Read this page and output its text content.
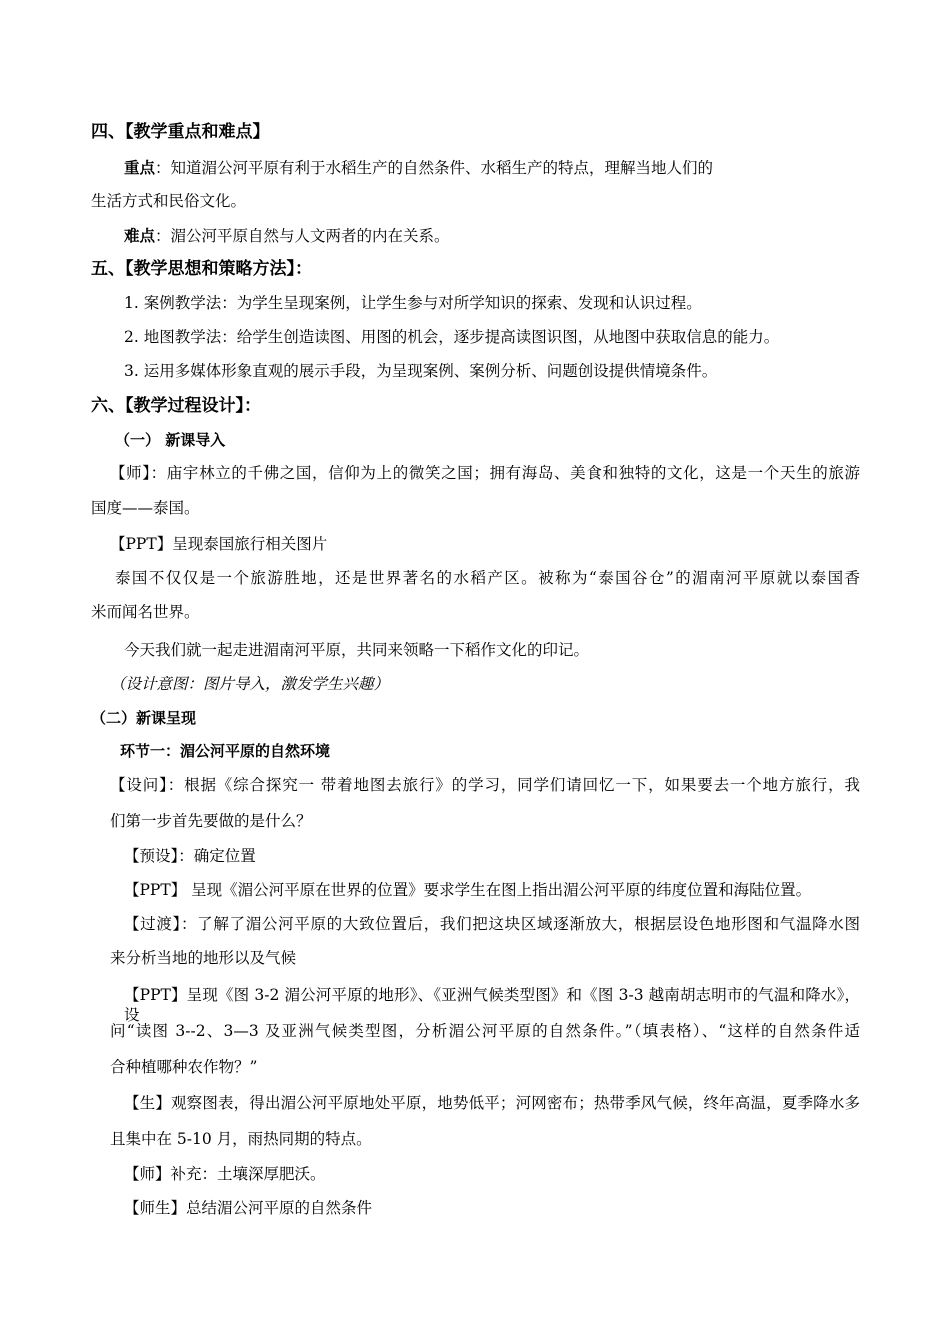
四、【教学重点和难点】
重点：知道湄公河平原有利于水稻生产的自然条件、水稻生产的特点，理解当地人们的
生活方式和民俗文化。
难点：湄公河平原自然与人文两者的内在关系。
五、【教学思想和策略方法】：
1. 案例教学法：为学生呈现案例，让学生参与对所学知识的探索、发现和认识过程。
2. 地图教学法：给学生创造读图、用图的机会，逐步提高读图识图，从地图中获取信息的能力。
3. 运用多媒体形象直观的展示手段，为呈现案例、案例分析、问题创设提供情境条件。
六、【教学过程设计】：
（一） 新课导入
【师】：庙宇林立的千佛之国，信仰为上的微笑之国；拥有海岛、美食和独特的文化，这是一个天生的旅游
国度——泰国。
【PPT】呈现泰国旅行相关图片
泰国不仅仅是一个旅游胜地，还是世界著名的水稻产区。被称为“泰国谷仓”的湄南河平原就以泰国香
米而闻名世界。
今天我们就一起走进湄南河平原，共同来领略一下稻作文化的印记。
（设计意图：图片导入，激发学生兴趣）
（二）新课呈现
环节一：湄公河平原的自然环境
【设问】：根据《综合探究一 带着地图去旅行》的学习，同学们请回忆一下，如果要去一个地方旅行，我
们第一步首先要做的是什么？
【预设】：确定位置
【PPT】 呈现《湄公河平原在世界的位置》要求学生在图上指出湄公河平原的纬度位置和海陆位置。
【过渡】：了解了湄公河平原的大致位置后，我们把这块区域逐渐放大，根据层设色地形图和气温降水图
来分析当地的地形以及气候
【PPT】呈现《图 3-2 湄公河平原的地形》、《亚洲气候类型图》和《图 3-3 越南胡志明市的气温和降水》，设
问“读图 3--2、3—3 及亚洲气候类型图，分析湄公河平原的自然条件。”（填表格）、“这样的自然条件适
合种植哪种农作物？”
【生】观察图表，得出湄公河平原地处平原，地势低平；河网密布；热带季风气候，终年高温，夏季降水多
且集中在 5-10 月，雨热同期的特点。
【师】补充：土壤深厚肥沃。
【师生】总结湄公河平原的自然条件
